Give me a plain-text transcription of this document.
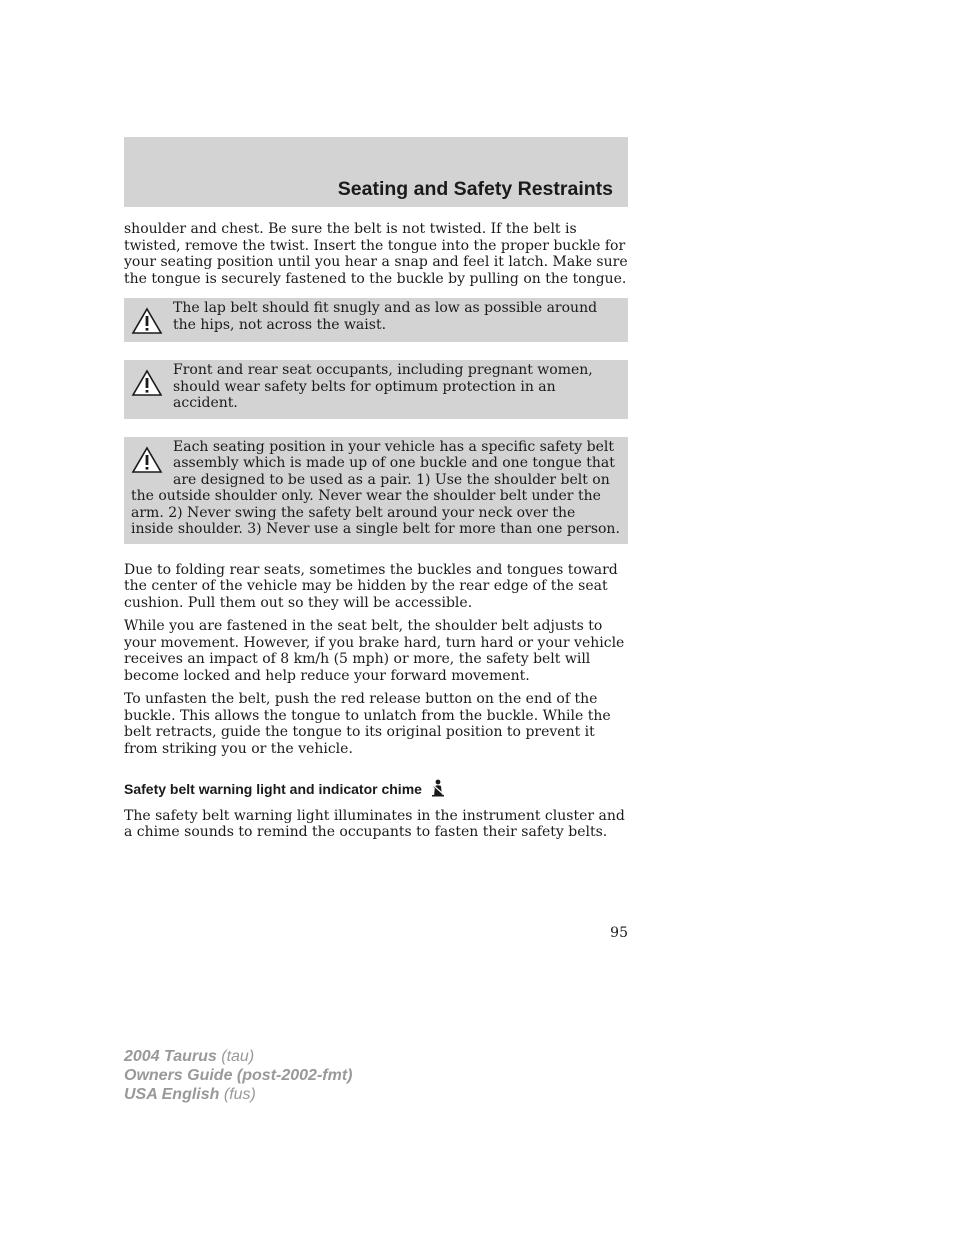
Seating and Safety Restraints

shoulder and chest. Be sure the belt is not twisted. If the belt is twisted, remove the twist. Insert the tongue into the proper buckle for your seating position until you hear a snap and feel it latch. Make sure the tongue is securely fastened to the buckle by pulling on the tongue.

The lap belt should fit snugly and as low as possible around the hips, not across the waist.

Front and rear seat occupants, including pregnant women, should wear safety belts for optimum protection in an accident.

Each seating position in your vehicle has a specific safety belt assembly which is made up of one buckle and one tongue that are designed to be used as a pair. 1) Use the shoulder belt on the outside shoulder only. Never wear the shoulder belt under the arm. 2) Never swing the safety belt around your neck over the inside shoulder. 3) Never use a single belt for more than one person.

Due to folding rear seats, sometimes the buckles and tongues toward the center of the vehicle may be hidden by the rear edge of the seat cushion. Pull them out so they will be accessible.

While you are fastened in the seat belt, the shoulder belt adjusts to your movement. However, if you brake hard, turn hard or your vehicle receives an impact of 8 km/h (5 mph) or more, the safety belt will become locked and help reduce your forward movement.

To unfasten the belt, push the red release button on the end of the buckle. This allows the tongue to unlatch from the buckle. While the belt retracts, guide the tongue to its original position to prevent it from striking you or the vehicle.

Safety belt warning light and indicator chime

The safety belt warning light illuminates in the instrument cluster and a chime sounds to remind the occupants to fasten their safety belts.

95
2004 Taurus (tau)
Owners Guide (post-2002-fmt)
USA English (fus)
